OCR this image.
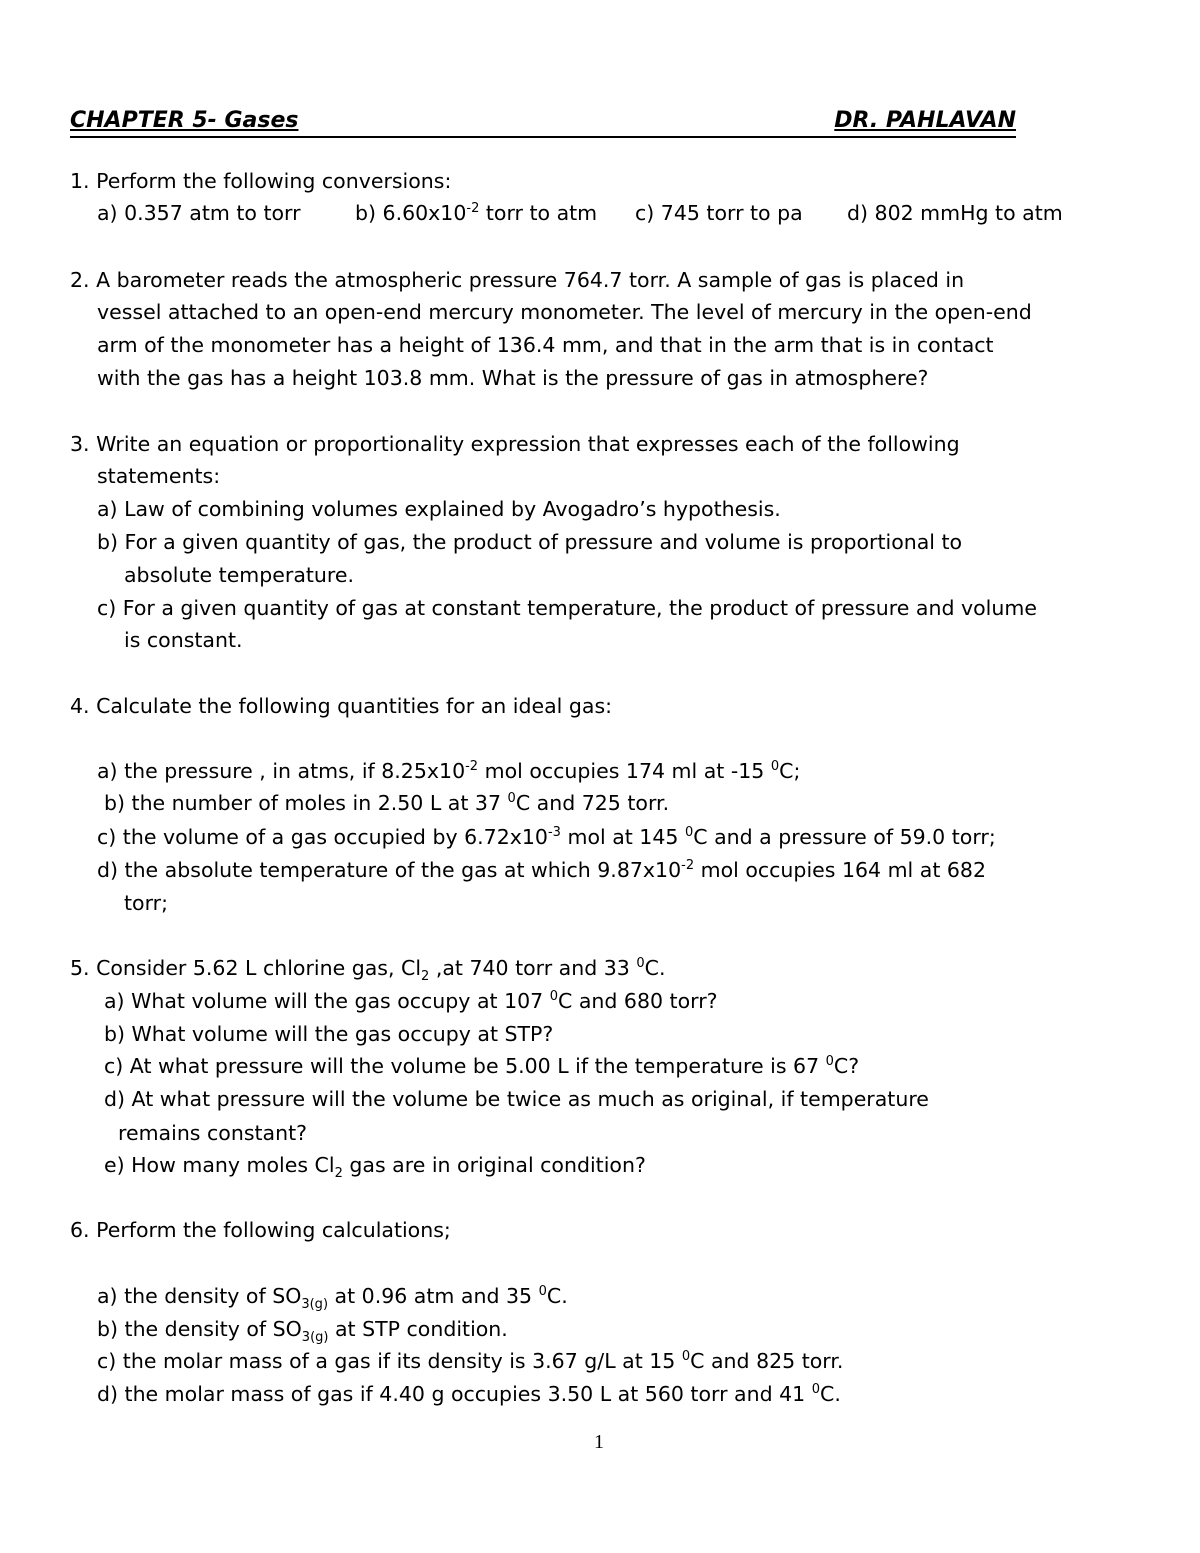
CHAPTER 5- Gases	DR. PAHLAVAN
1. Perform the following conversions:
a) 0.357 atm to torr	b) $6.60x10^{-2}$ torr to atm c) 745 torr to pa d) 802 mmHg to atm
2. A barometer reads the atmospheric pressure 764.7 torr. A sample of gas is placed in
vessel attached to an open-end mercury monometer. The level of mercury in the open-end
arm of the monometer has a height of 136.4 mm, and that in the arm that is in contact
with the gas has a height 103.8 mm. What is the pressure of gas in atmosphere?
3. Write an equation or proportionality expression that expresses each of the following
statements:
a) Law of combining volumes explained by Avogadro’s hypothesis.
b) For a given quantity of gas, the product of pressure and volume is proportional to
absolute temperature.
c) For a given quantity of gas at constant temperature, the product of pressure and volume
is constant.
4. Calculate the following quantities for an ideal gas:
a) the pressure , in atms, if $8.25x10^{-2}$ mol occupies 174 ml at -15 $^0$C;
b) the number of moles in 2.50 L at 37 $^0$C and 725 torr.
c) the volume of a gas occupied by $6.72x10^{-3}$ mol at 145 $^0$C and a pressure of 59.0 torr;
d) the absolute temperature of the gas at which $9.87x10^{-2}$ mol occupies 164 ml at 682
torr;
5. Consider 5.62 L chlorine gas, $Cl_2$ ,at 740 torr and 33 $^0$C.
a) What volume will the gas occupy at 107 $^0$C and 680 torr?
b) What volume will the gas occupy at STP?
c) At what pressure will the volume be 5.00 L if the temperature is 67 $^0$C?
d) At what pressure will the volume be twice as much as original, if temperature
remains constant?
e) How many moles $Cl_2$ gas are in original condition?
6. Perform the following calculations;
a) the density of $SO_{3(g)}$ at 0.96 atm and 35 $^0$C.
b) the density of $SO_{3(g)}$ at STP condition.
c) the molar mass of a gas if its density is 3.67 g/L at 15 $^0$C and 825 torr.
d) the molar mass of gas if 4.40 g occupies 3.50 L at 560 torr and 41 $^0$C.
1
